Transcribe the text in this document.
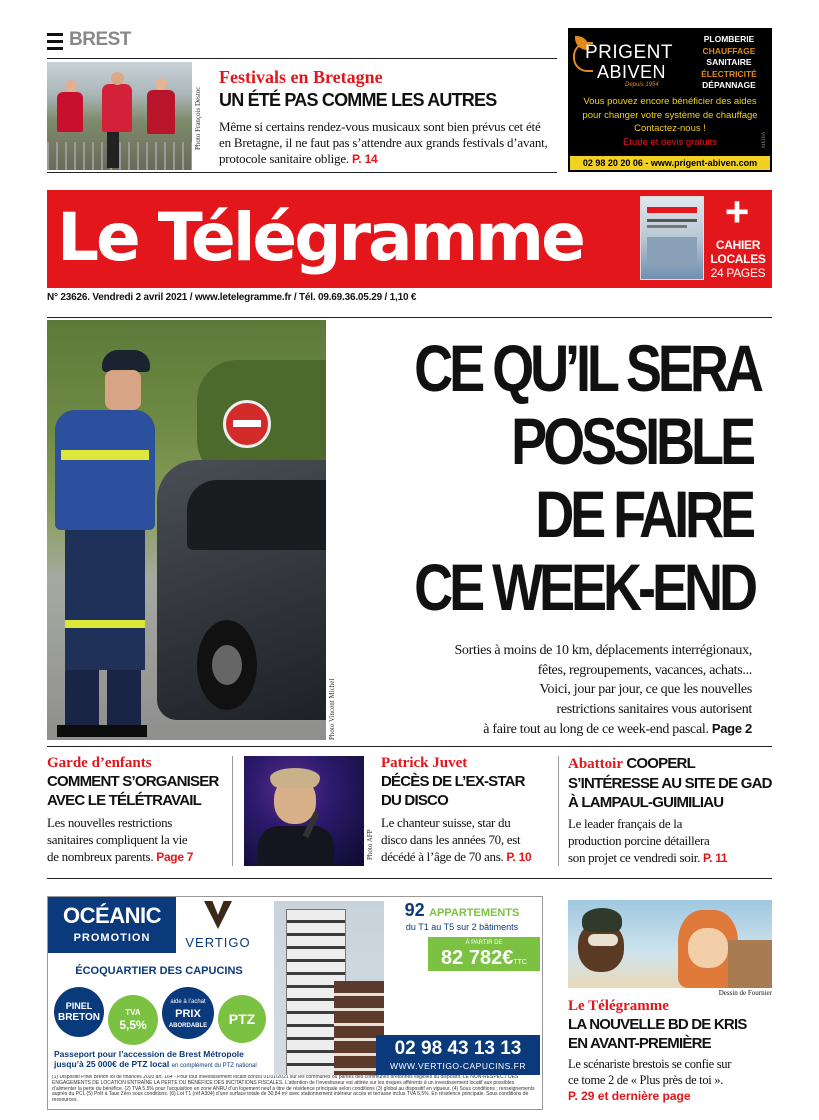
BREST
Photo François Destoc
Festivals en Bretagne
UN ÉTÉ PAS COMME LES AUTRES
Même si certains rendez-vous musicaux sont bien prévus cet été en Bretagne, il ne faut pas s’attendre aux grands festivals d’avant, protocole sanitaire oblige. P. 14
PRIGENT
ABIVEN
Depuis 1954
PLOMBERIE
CHAUFFAGE
SANITAIRE
ÉLECTRICITÉ
DÉPANNAGE
Vous pouvez encore bénéficier des aides
pour changer votre système de chauffage
Contactez-nous !
Étude et devis gratuits
02 98 20 20 06 - www.prigent-abiven.com
MEDIA
Le Télégramme	+
CAHIER
LOCALES
24 PAGES
N° 23626. Vendredi 2 avril 2021 / www.letelegramme.fr / Tél. 09.69.36.05.29 / 1,10 €
Photo Vincent Michel
CE QU’IL SERA
POSSIBLE
DE FAIRE
CE WEEK-END
Sorties à moins de 10 km, déplacements interrégionaux,
fêtes, regroupements, vacances, achats...
Voici, jour par jour, ce que les nouvelles
restrictions sanitaires vous autorisent
à faire tout au long de ce week-end pascal. Page 2
Garde d’enfants
COMMENT S’ORGANISER
AVEC LE TÉLÉTRAVAIL
Les nouvelles restrictions
sanitaires compliquent la vie
de nombreux parents. Page 7	Photo AFP
Patrick Juvet
DÉCÈS DE L’EX-STAR
DU DISCO
Le chanteur suisse, star du
disco dans les années 70, est
décédé à l’âge de 70 ans. P. 10
Abattoir COOPERL
S’INTÉRESSE AU SITE DE GAD
À LAMPAUL-GUIMILIAU
Le leader français de la
production porcine détaillera
son projet ce vendredi soir. P. 11
OCÉANIC
PROMOTION	VERTIGO
ÉCOQUARTIER DES CAPUCINS
PINEL
BRETON	TVA
5,5%
aide à l’achat
PRIX
ABORDABLE	PTZ
Passeport pour l’accession de Brest Métropole
jusqu’à 25 000€ de PTZ local en complément du PTZ national
92 APPARTEMENTS
du T1 au T5 sur 2 bâtiments
À PARTIR DE
82 782€TTC
02 98 43 13 13
WWW.VERTIGO-CAPUCINS.FR
(1) Dispositif Pinel Breton loi de finances 2020 art. 164 - Pour tout investissement locatif conclu 01/01/2021 sur les communes ou parties des communes bretonnes éligibles au dispositif. LE NON-RESPECT DES ENGAGEMENTS DE LOCATION ENTRAÎNE LA PERTE DU BÉNÉFICE DES INCITATIONS FISCALES. L’attention de l’investisseur est attirée sur les risques afférents à un investissement locatif aux possibles d’alimenter la perte du bénéfice. (2) TVA 5,5% pour l’acquisition en zone ANRU d’un logement neuf à titre de résidence principale selon conditions (3) global au dispositif en vigueur. (4) Sous conditions ; renseignements auprès du PCL (5) Prêt à Taux Zéro sous conditions. (6) Lot T1 (réf A304) d’une surface totale de 30,84 m² avec stationnement intérieur accès et terrasse inclus TVA 5,5%. En résidence principale. Sous conditions de ressources.
Dessin de Fournier
Le Télégramme
LA NOUVELLE BD DE KRIS
EN AVANT-PREMIÈRE
Le scénariste brestois se confie sur
ce tome 2 de « Plus près de toi ».
P. 29 et dernière page
